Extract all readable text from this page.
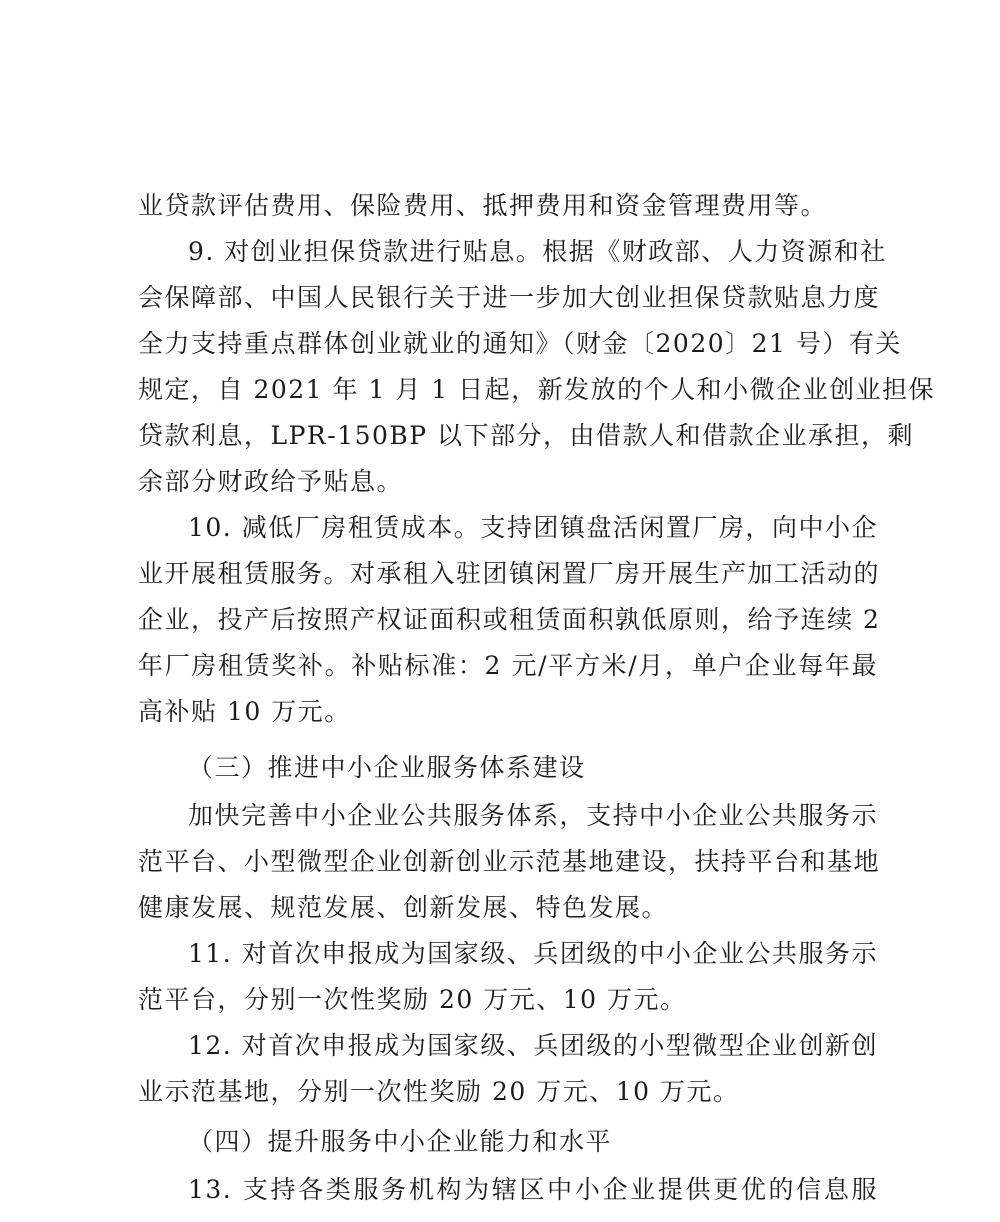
业贷款评估费用、保险费用、抵押费用和资金管理费用等。
9. 对创业担保贷款进行贴息。根据《财政部、人力资源和社
会保障部、中国人民银行关于进一步加大创业担保贷款贴息力度
全力支持重点群体创业就业的通知》（财金〔2020〕21 号）有关
规定，自 2021 年 1 月 1 日起，新发放的个人和小微企业创业担保
贷款利息，LPR-150BP 以下部分，由借款人和借款企业承担，剩
余部分财政给予贴息。
10. 减低厂房租赁成本。支持团镇盘活闲置厂房，向中小企
业开展租赁服务。对承租入驻团镇闲置厂房开展生产加工活动的
企业，投产后按照产权证面积或租赁面积孰低原则，给予连续 2
年厂房租赁奖补。补贴标准：2 元/平方米/月，单户企业每年最
高补贴 10 万元。
（三）推进中小企业服务体系建设
加快完善中小企业公共服务体系，支持中小企业公共服务示
范平台、小型微型企业创新创业示范基地建设，扶持平台和基地
健康发展、规范发展、创新发展、特色发展。
11. 对首次申报成为国家级、兵团级的中小企业公共服务示
范平台，分别一次性奖励 20 万元、10 万元。
12. 对首次申报成为国家级、兵团级的小型微型企业创新创
业示范基地，分别一次性奖励 20 万元、10 万元。
（四）提升服务中小企业能力和水平
13. 支持各类服务机构为辖区中小企业提供更优的信息服
